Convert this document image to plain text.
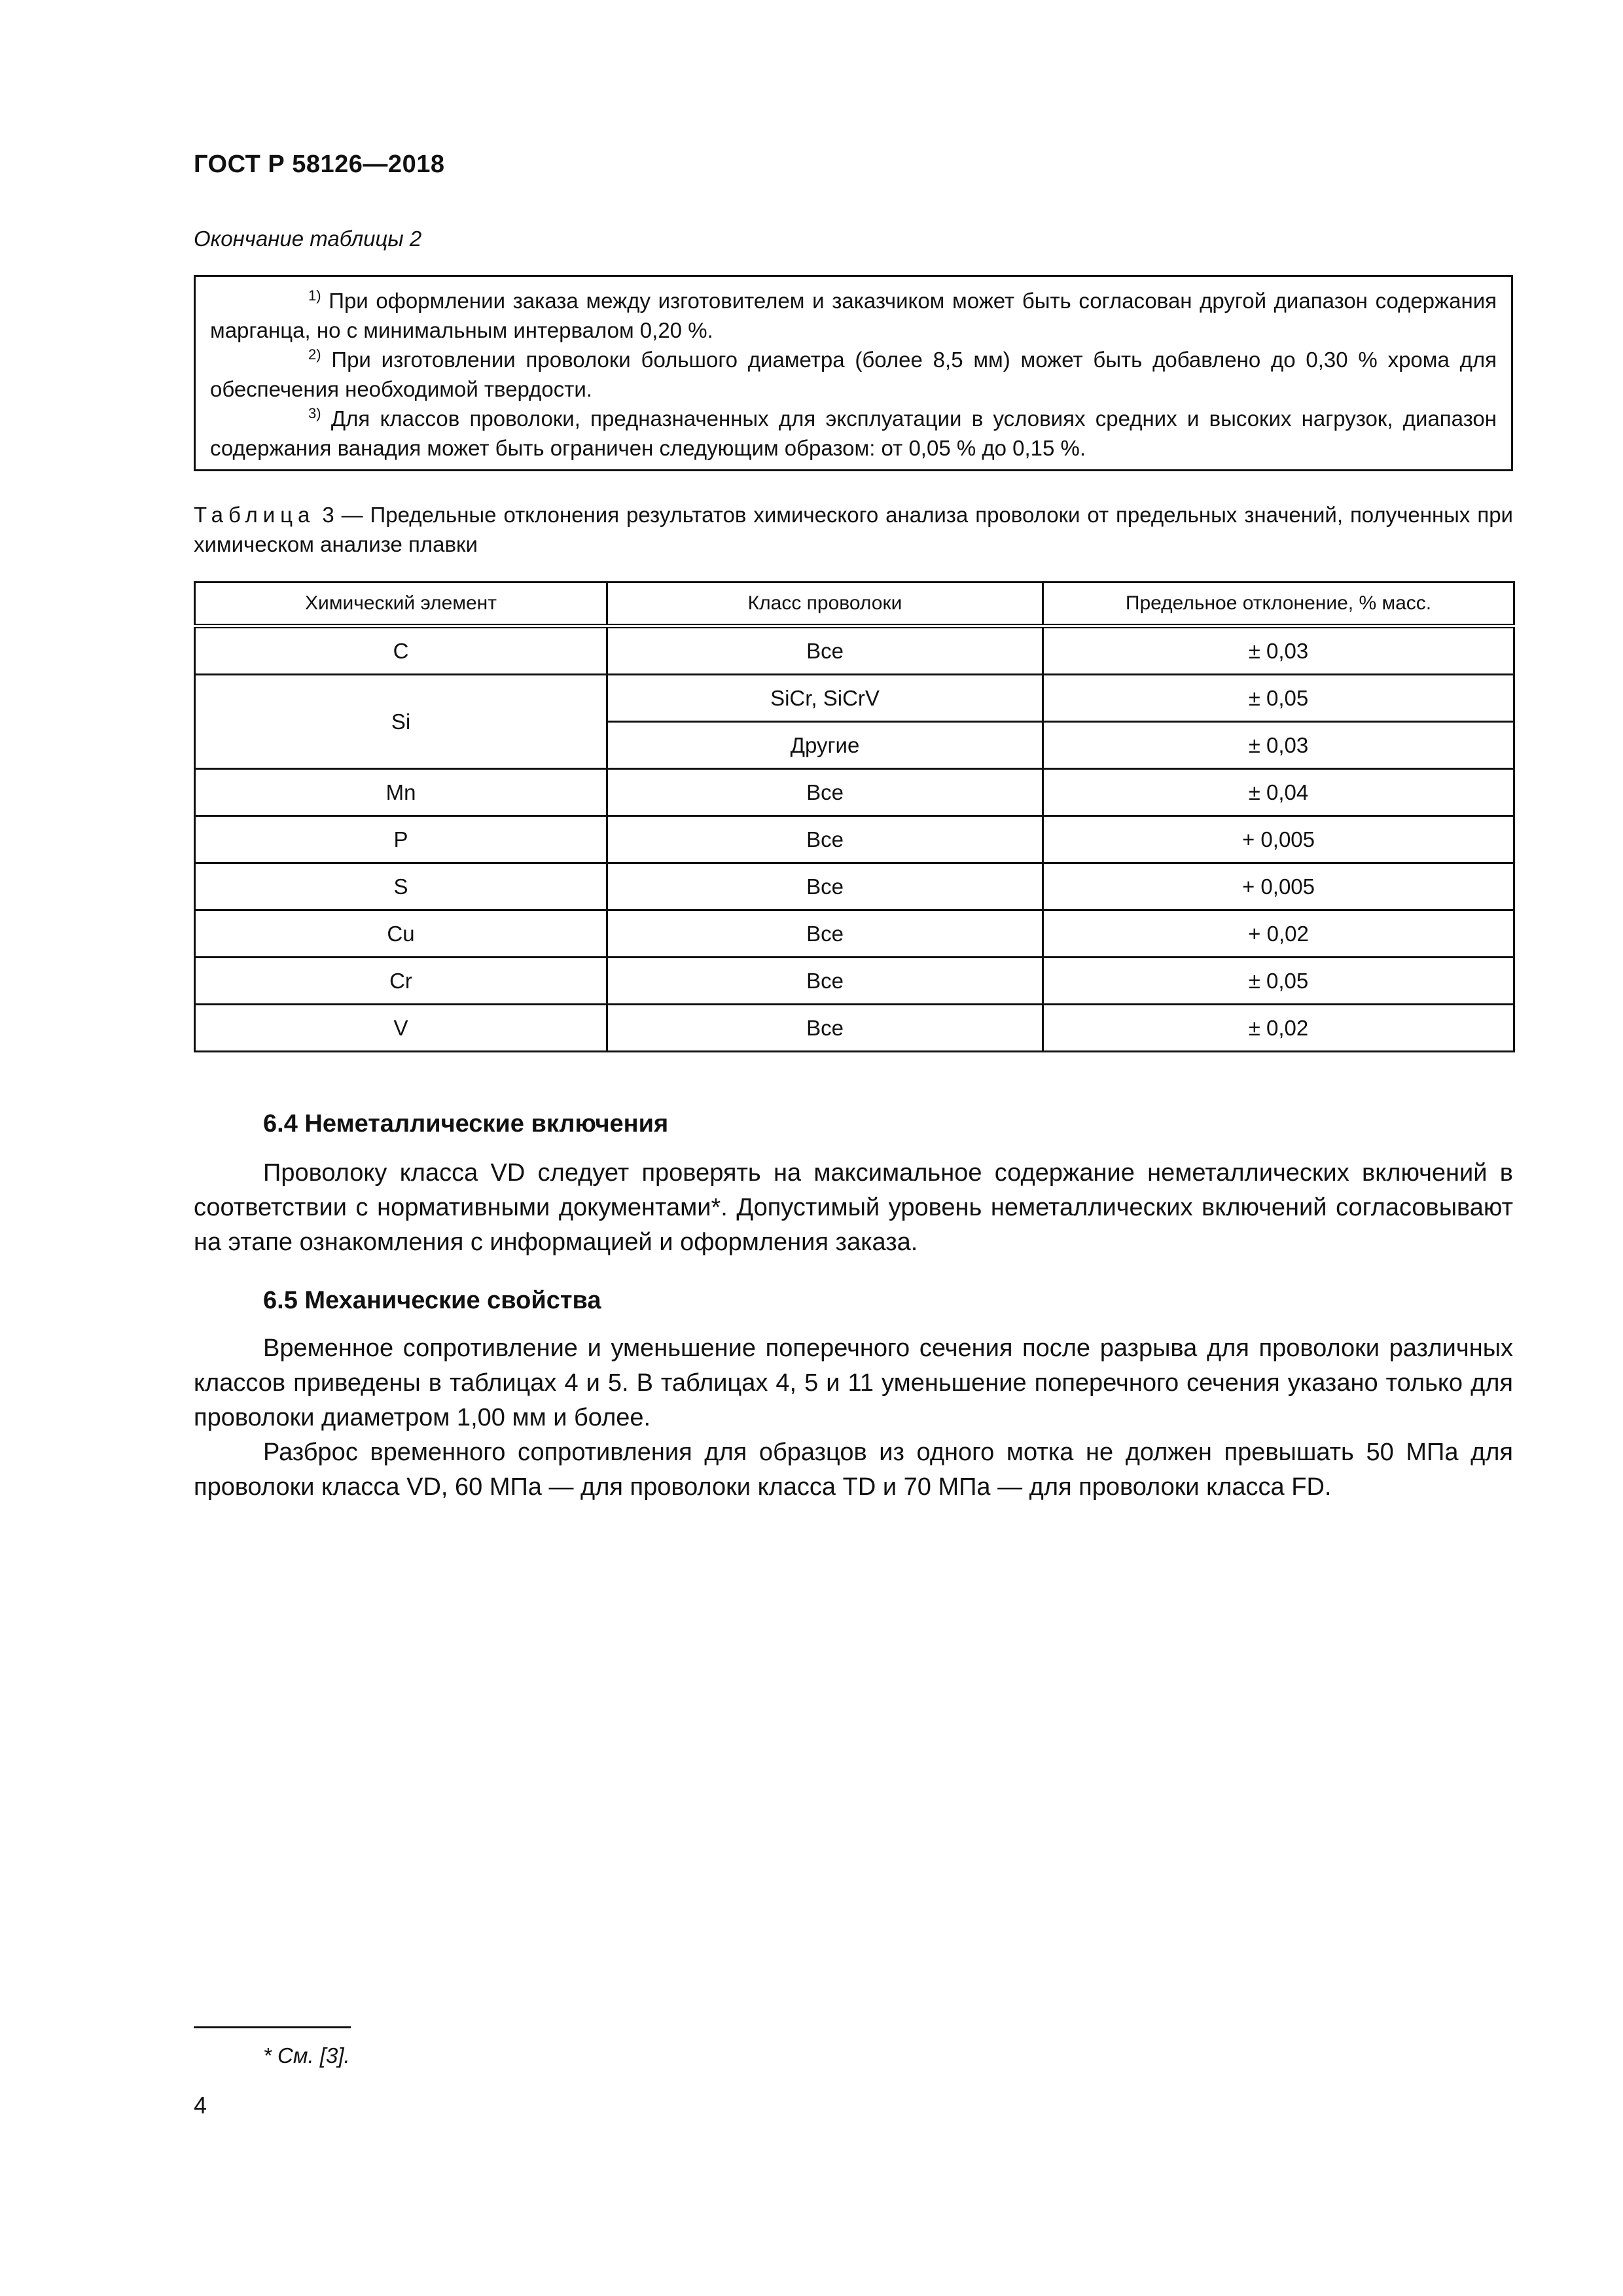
ГОСТ Р 58126—2018
Окончание таблицы 2

$^{1)}$ При оформлении заказа между изготовителем и заказчиком может быть согласован другой диапазон содержания марганца, но с минимальным интервалом 0,20 %.

$^{2)}$ При изготовлении проволоки большого диаметра (более 8,5 мм) может быть добавлено до 0,30 % хрома для обеспечения необходимой твердости.

$^{3)}$ Для классов проволоки, предназначенных для эксплуатации в условиях средних и высоких нагрузок, диапазон содержания ванадия может быть ограничен следующим образом: от 0,05 % до 0,15 %.

Таблица 3 — Предельные отклонения результатов химического анализа проволоки от предельных значений, полученных при химическом анализе плавки
Химический элемент	Класс проволоки	Предельное отклонение, % масс.
C	Все	± 0,03
Si	SiCr, SiCrV	± 0,05
	Другие	± 0,03
Mn	Все	± 0,04
P	Все	+ 0,005
S	Все	+ 0,005
Cu	Все	+ 0,02
Cr	Все	± 0,05
V	Все	± 0,02
6.4 Неметаллические включения

Проволоку класса VD следует проверять на максимальное содержание неметаллических включений в соответствии с нормативными документами*. Допустимый уровень неметаллических включений согласовывают на этапе ознакомления с информацией и оформления заказа.

6.5 Механические свойства

Временное сопротивление и уменьшение поперечного сечения после разрыва для проволоки различных классов приведены в таблицах 4 и 5. В таблицах 4, 5 и 11 уменьшение поперечного сечения указано только для проволоки диаметром 1,00 мм и более.

Разброс временного сопротивления для образцов из одного мотка не должен превышать 50 МПа для проволоки класса VD, 60 МПа — для проволоки класса TD и 70 МПа — для проволоки класса FD.

* См. [3].
4
